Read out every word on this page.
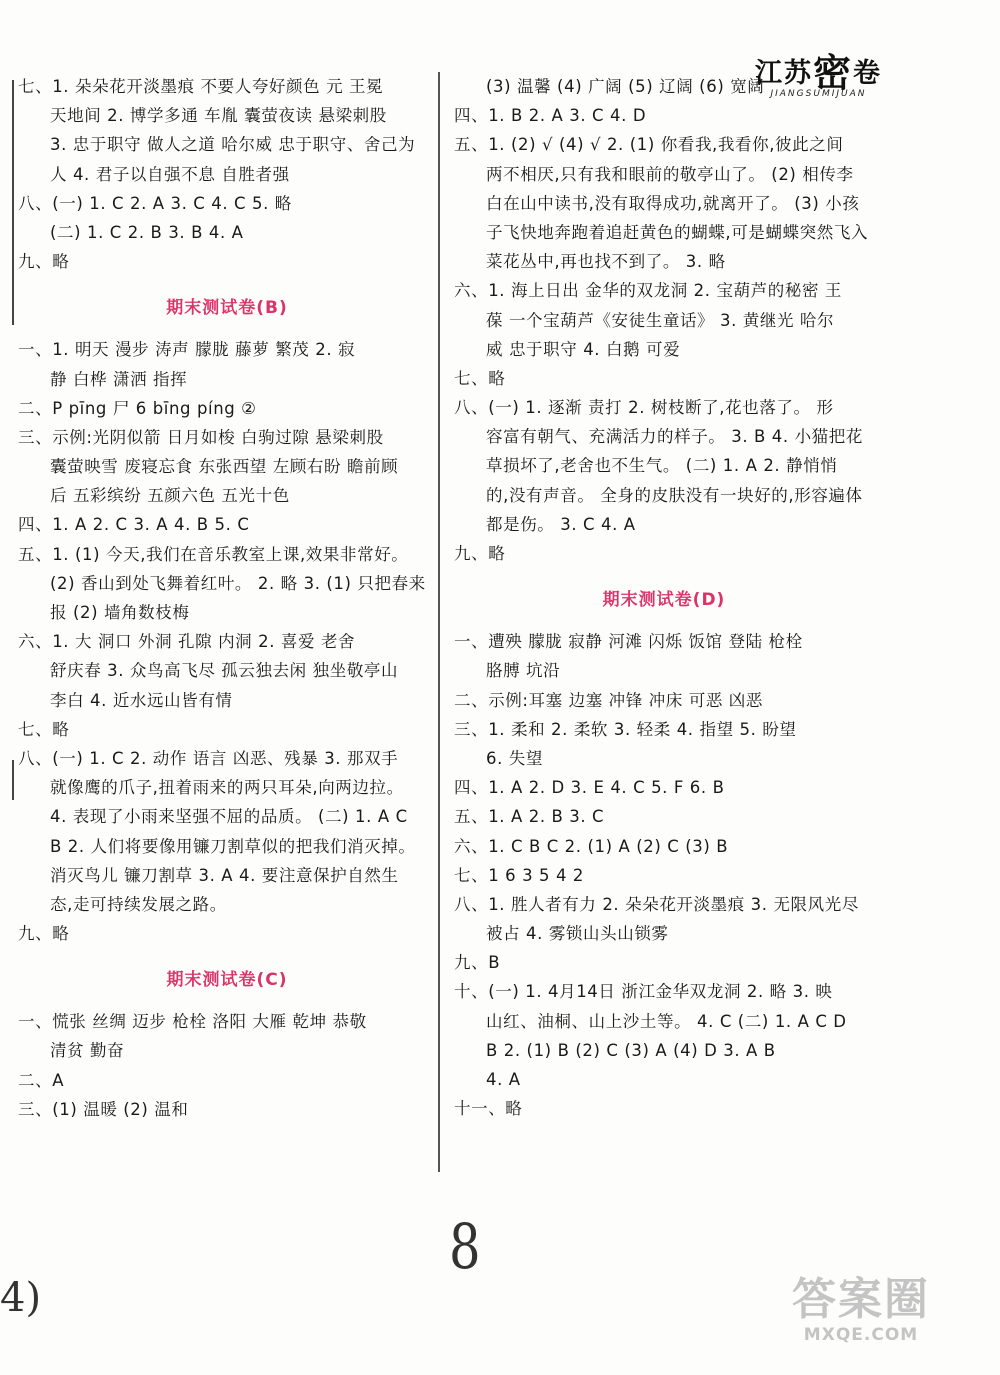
江苏密卷
JIANGSUMIJUAN
七、1. 朵朵花开淡墨痕 不要人夸好颜色 元 王冕
天地间 2. 博学多通 车胤 囊萤夜读 悬梁刺股
3. 忠于职守 做人之道 哈尔威 忠于职守、舍己为
人 4. 君子以自强不息 自胜者强
八、(一) 1. C 2. A 3. C 4. C 5. 略
(二) 1. C 2. B 3. B 4. A
九、略
期末测试卷(B)
一、1. 明天 漫步 涛声 朦胧 藤萝 繁茂 2. 寂
静 白桦 潇洒 指挥
二、P pīng 尸 6 bīng píng ②
三、示例:光阴似箭 日月如梭 白驹过隙 悬梁刺股
囊萤映雪 废寝忘食 东张西望 左顾右盼 瞻前顾
后 五彩缤纷 五颜六色 五光十色
四、1. A 2. C 3. A 4. B 5. C
五、1. (1) 今天,我们在音乐教室上课,效果非常好。
(2) 香山到处飞舞着红叶。 2. 略 3. (1) 只把春来
报 (2) 墙角数枝梅
六、1. 大 洞口 外洞 孔隙 内洞 2. 喜爱 老舍
舒庆春 3. 众鸟高飞尽 孤云独去闲 独坐敬亭山
李白 4. 近水远山皆有情
七、略
八、(一) 1. C 2. 动作 语言 凶恶、残暴 3. 那双手
就像鹰的爪子,扭着雨来的两只耳朵,向两边拉。
4. 表现了小雨来坚强不屈的品质。 (二) 1. A C
B 2. 人们将要像用镰刀割草似的把我们消灭掉。
消灭鸟儿 镰刀割草 3. A 4. 要注意保护自然生
态,走可持续发展之路。
九、略
期末测试卷(C)
一、慌张 丝绸 迈步 枪栓 洛阳 大雁 乾坤 恭敬
清贫 勤奋
二、A
三、(1) 温暖 (2) 温和
(3) 温馨 (4) 广阔 (5) 辽阔 (6) 宽阔
四、1. B 2. A 3. C 4. D
五、1. (2) √ (4) √ 2. (1) 你看我,我看你,彼此之间
两不相厌,只有我和眼前的敬亭山了。 (2) 相传李
白在山中读书,没有取得成功,就离开了。 (3) 小孩
子飞快地奔跑着追赶黄色的蝴蝶,可是蝴蝶突然飞入
菜花丛中,再也找不到了。 3. 略
六、1. 海上日出 金华的双龙洞 2. 宝葫芦的秘密 王
葆 一个宝葫芦《安徒生童话》 3. 黄继光 哈尔
威 忠于职守 4. 白鹅 可爱
七、略
八、(一) 1. 逐渐 责打 2. 树枝断了,花也落了。 形
容富有朝气、充满活力的样子。 3. B 4. 小猫把花
草损坏了,老舍也不生气。 (二) 1. A 2. 静悄悄
的,没有声音。 全身的皮肤没有一块好的,形容遍体
都是伤。 3. C 4. A
九、略
期末测试卷(D)
一、遭殃 朦胧 寂静 河滩 闪烁 饭馆 登陆 枪栓
胳膊 坑沿
二、示例:耳塞 边塞 冲锋 冲床 可恶 凶恶
三、1. 柔和 2. 柔软 3. 轻柔 4. 指望 5. 盼望
6. 失望
四、1. A 2. D 3. E 4. C 5. F 6. B
五、1. A 2. B 3. C
六、1. C B C 2. (1) A (2) C (3) B
七、1 6 3 5 4 2
八、1. 胜人者有力 2. 朵朵花开淡墨痕 3. 无限风光尽
被占 4. 雾锁山头山锁雾
九、B
十、(一) 1. 4月14日 浙江金华双龙洞 2. 略 3. 映
山红、油桐、山上沙土等。 4. C (二) 1. A C D
B 2. (1) B (2) C (3) A (4) D 3. A B
4. A
十一、略
8
4)	答案圈
MXQE.COM
